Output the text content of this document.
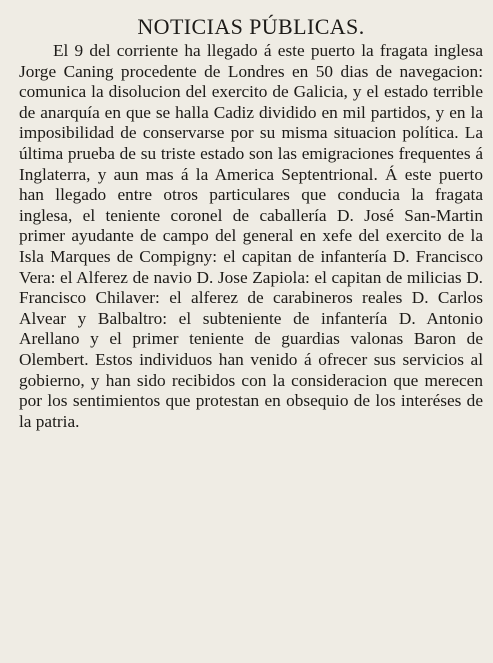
NOTICIAS PÚBLICAS.

El 9 del corriente ha llegado á este puerto la fragata inglesa Jorge Caning procedente de Londres en 50 dias de navegacion: comunica la disolucion del exercito de Galicia, y el estado terrible de anarquía en que se halla Cadiz dividido en mil partidos, y en la imposibilidad de conservarse por su misma situacion política. La última prueba de su triste estado son las emigraciones frequentes á Inglaterra, y aun mas á la America Septentrional. Á este puerto han llegado entre otros particulares que conducia la fragata inglesa, el teniente coronel de caballería D. José San-Martin primer ayudante de campo del general en xefe del exercito de la Isla Marques de Compigny: el capitan de infantería D. Francisco Vera: el Alferez de navio D. Jose Zapiola: el capitan de milicias D. Francisco Chilaver: el alferez de carabineros reales D. Carlos Alvear y Balbaltro: el subteniente de infantería D. Antonio Arellano y el primer teniente de guardias valonas Baron de Olembert. Estos individuos han venido á ofrecer sus servicios al gobierno, y han sido recibidos con la consideracion que merecen por los sentimientos que protestan en obsequio de los interéses de la patria.
